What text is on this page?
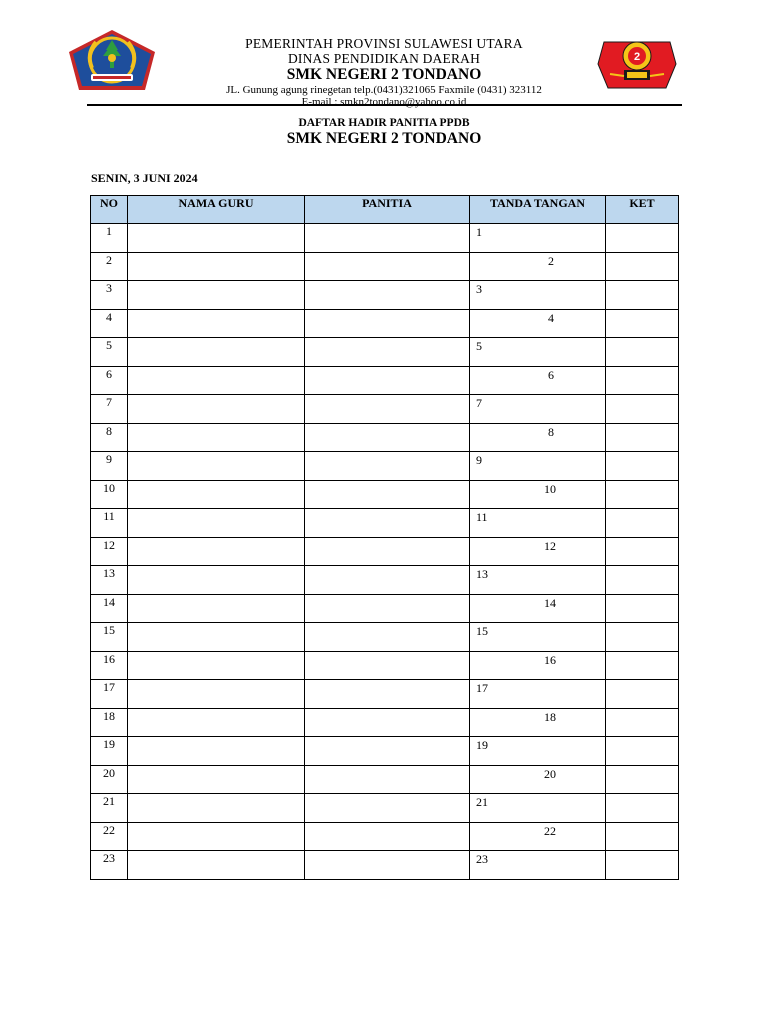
PEMERINTAH PROVINSI SULAWESI UTARA
DINAS PENDIDIKAN DAERAH
SMK NEGERI 2 TONDANO
JL. Gunung agung rinegetan telp.(0431)321065 Faxmile (0431) 323112
E-mail : smkn2tondano@yahoo.co.id
2
DAFTAR HADIR PANITIA PPDB
SMK NEGERI 2 TONDANO
SENIN, 3 JUNI 2024
NO	NAMA GURU	PANITIA	TANDA TANGAN	KET
1			1	

2			2	

3			3	

4			4	

5			5	

6			6	

7			7	

8			8	

9			9	

10			10	

11			11	

12			12	

13			13	

14			14	

15			15	

16			16	

17			17	

18			18	

19			19	

20			20	

21			21	

22			22	

23			23	
